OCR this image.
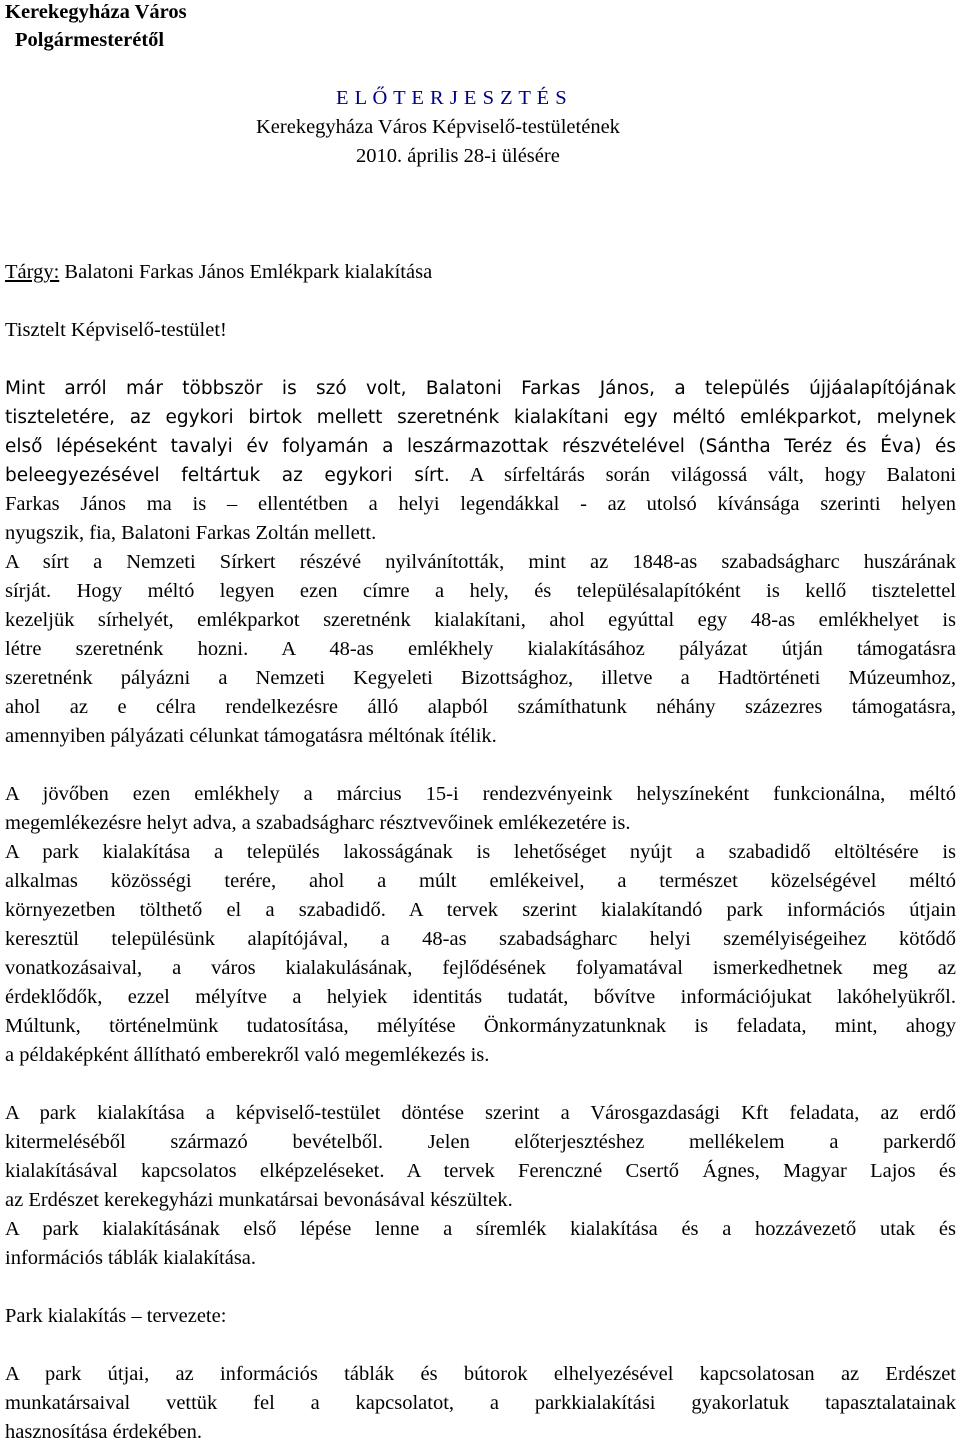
Kerekegyháza Város
Polgármesterétől
E L Ő T E R J E S Z T É S
Kerekegyháza Város Képviselő-testületének
2010. április 28-i ülésére
Tárgy: Balatoni Farkas János Emlékpark kialakítása
Tisztelt Képviselő-testület!
Mint arról már többször is szó volt, Balatoni Farkas János, a település újjáalapítójának
tiszteletére, az egykori birtok mellett szeretnénk kialakítani egy méltó emlékparkot, melynek
első lépéseként tavalyi év folyamán a leszármazottak részvételével (Sántha Teréz és Éva) és
beleegyezésével feltártuk az egykori sírt. A sírfeltárás során világossá vált, hogy Balatoni
Farkas János ma is – ellentétben a helyi legendákkal - az utolsó kívánsága szerinti helyen
nyugszik, fia, Balatoni Farkas Zoltán mellett.
A sírt a Nemzeti Sírkert részévé nyilvánították, mint az 1848-as szabadságharc huszárának
sírját. Hogy méltó legyen ezen címre a hely, és településalapítóként is kellő tisztelettel
kezeljük sírhelyét, emlékparkot szeretnénk kialakítani, ahol egyúttal egy 48-as emlékhelyet is
létre szeretnénk hozni. A 48-as emlékhely kialakításához pályázat útján támogatásra
szeretnénk pályázni a Nemzeti Kegyeleti Bizottsághoz, illetve a Hadtörténeti Múzeumhoz,
ahol az e célra rendelkezésre álló alapból számíthatunk néhány százezres támogatásra,
amennyiben pályázati célunkat támogatásra méltónak ítélik.
A jövőben ezen emlékhely a március 15-i rendezvényeink helyszíneként funkcionálna, méltó
megemlékezésre helyt adva, a szabadságharc résztvevőinek emlékezetére is.
A park kialakítása a település lakosságának is lehetőséget nyújt a szabadidő eltöltésére is
alkalmas közösségi terére, ahol a múlt emlékeivel, a természet közelségével méltó
környezetben tölthető el a szabadidő. A tervek szerint kialakítandó park információs útjain
keresztül településünk alapítójával, a 48-as szabadságharc helyi személyiségeihez kötődő
vonatkozásaival, a város kialakulásának, fejlődésének folyamatával ismerkedhetnek meg az
érdeklődők, ezzel mélyítve a helyiek identitás tudatát, bővítve információjukat lakóhelyükről.
Múltunk, történelmünk tudatosítása, mélyítése Önkormányzatunknak is feladata, mint, ahogy
a példaképként állítható emberekről való megemlékezés is.
A park kialakítása a képviselő-testület döntése szerint a Városgazdasági Kft feladata, az erdő
kitermeléséből származó bevételből. Jelen előterjesztéshez mellékelem a parkerdő
kialakításával kapcsolatos elképzeléseket. A tervek Ferenczné Csertő Ágnes, Magyar Lajos és
az Erdészet kerekegyházi munkatársai bevonásával készültek.
A park kialakításának első lépése lenne a síremlék kialakítása és a hozzávezető utak és
információs táblák kialakítása.
Park kialakítás – tervezete:
A park útjai, az információs táblák és bútorok elhelyezésével kapcsolatosan az Erdészet
munkatársaival vettük fel a kapcsolatot, a parkkialakítási gyakorlatuk tapasztalatainak
hasznosítása érdekében.
